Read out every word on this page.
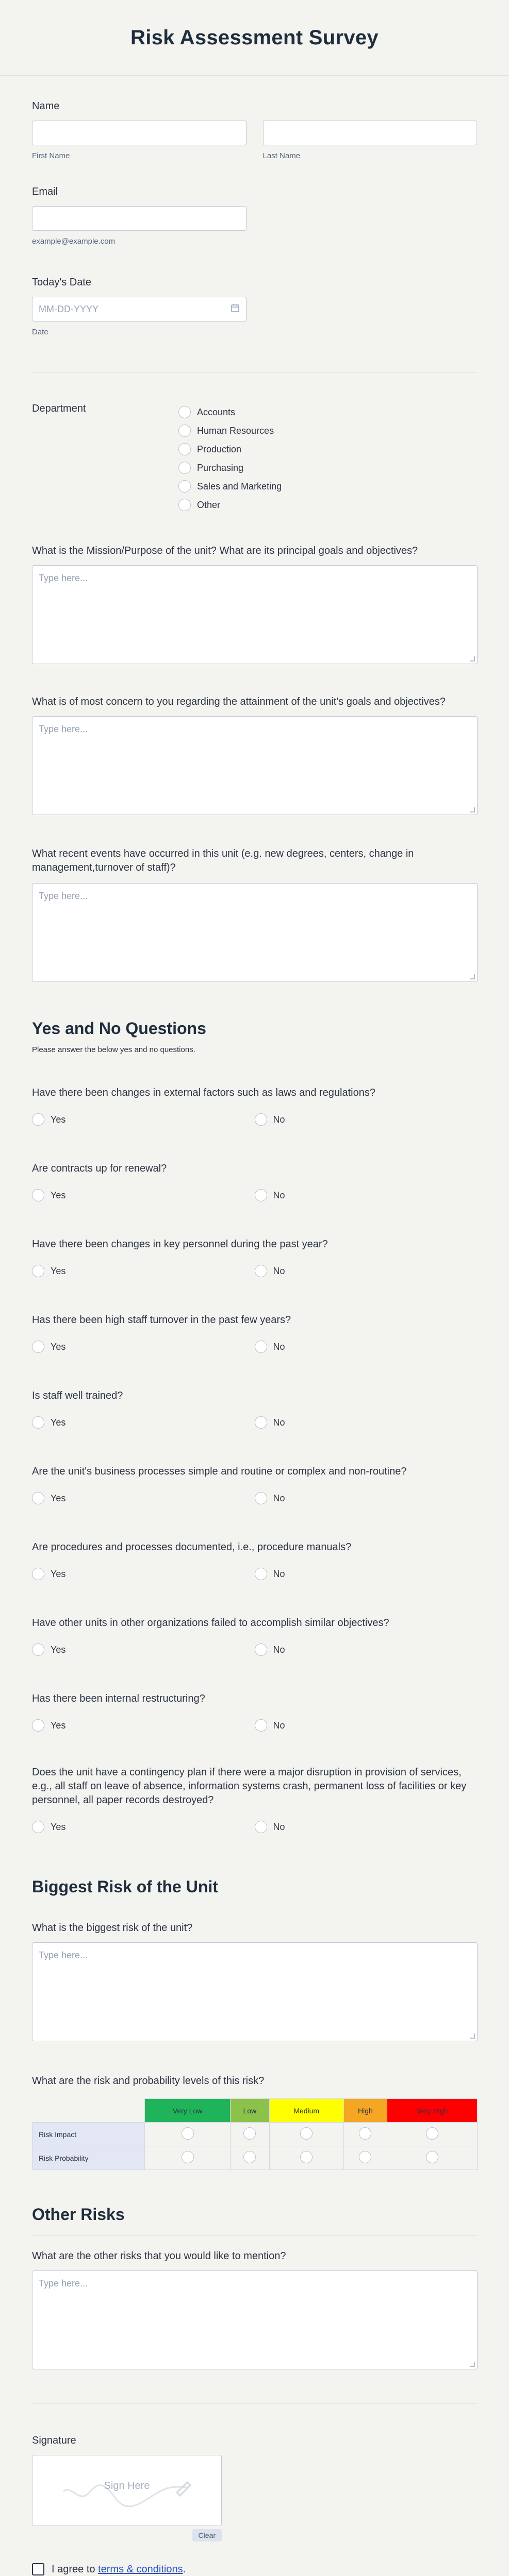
Risk Assessment Survey
Name
First Name	Last Name
Email
example@example.com
Today's Date
MM-DD-YYYY
Date
Department	Accounts
Human Resources
Production
Purchasing
Sales and Marketing
Other
What is the Mission/Purpose of the unit? What are its principal goals and objectives?
Type here...
What is of most concern to you regarding the attainment of the unit's goals and objectives?
Type here...
What recent events have occurred in this unit (e.g. new degrees, centers, change in management,turnover of staff)?
Type here...
Yes and No Questions
Please answer the below yes and no questions.
Have there been changes in external factors such as laws and regulations?
Yes	No
Are contracts up for renewal?
Yes	No
Have there been changes in key personnel during the past year?
Yes	No
Has there been high staff turnover in the past few years?
Yes	No
Is staff well trained?
Yes	No
Are the unit's business processes simple and routine or complex and non-routine?
Yes	No
Are procedures and processes documented, i.e., procedure manuals?
Yes	No
Have other units in other organizations failed to accomplish similar objectives?
Yes	No
Has there been internal restructuring?
Yes	No
Does the unit have a contingency plan if there were a major disruption in provision of services, e.g., all staff on leave of absence, information systems crash, permanent loss of facilities or key personnel, all paper records destroyed?
Yes	No
Biggest Risk of the Unit
What is the biggest risk of the unit?
Type here...
What are the risk and probability levels of this risk?
	Very Low	Low	Medium	High	Very High
Risk Impact					
Risk Probability					
Other Risks
What are the other risks that you would like to mention?
Type here...
Signature
Sign Here
Clear
I agree to terms & conditions.
